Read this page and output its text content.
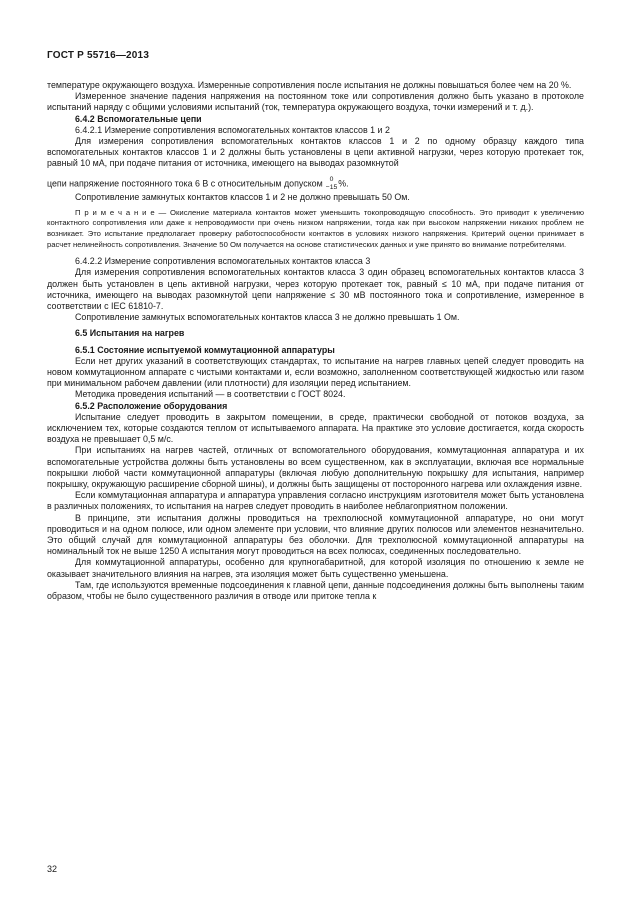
ГОСТ Р 55716—2013

температуре окружающего воздуха. Измеренные сопротивления после испытания не должны повышаться более чем на 20 %.

Измеренное значение падения напряжения на постоянном токе или сопротивления должно быть указано в протоколе испытаний наряду с общими условиями испытаний (ток, температура окружающего воздуха, точки измерений и т. д.).

6.4.2 Вспомогательные цепи

6.4.2.1 Измерение сопротивления вспомогательных контактов классов 1 и 2

Для измерения сопротивления вспомогательных контактов классов 1 и 2 по одному образцу каждого типа вспомогательных контактов классов 1 и 2 должны быть установлены в цепи активной нагрузки, через которую протекает ток, равный 10 мА, при подаче питания от источника, имеющего на выводах разомкнутой

цепи напряжение постоянного тока 6 В с относительным допуском	0
−15 %.

Сопротивление замкнутых контактов классов 1 и 2 не должно превышать 50 Ом.

П р и м е ч а н и е — Окисление материала контактов может уменьшить токопроводящую способность. Это приводит к увеличению контактного сопротивления или даже к непроводимости при очень низком напряжении, тогда как при высоком напряжении никаких проблем не возникает. Это испытание предполагает проверку работоспособности контактов в условиях низкого напряжения. Критерий оценки принимает в расчет нелинейность сопротивления. Значение 50 Ом получается на основе статистических данных и уже принято во внимание потребителями.

6.4.2.2 Измерение сопротивления вспомогательных контактов класса 3

Для измерения сопротивления вспомогательных контактов класса 3 один образец вспомогательных контактов класса 3 должен быть установлен в цепь активной нагрузки, через которую протекает ток, равный ≤ 10 мА, при подаче питания от источника, имеющего на выводах разомкнутой цепи напряжение ≤ 30 мВ постоянного тока и сопротивление, измеренное в соответствии с IEC 61810-7.

Сопротивление замкнутых вспомогательных контактов класса 3 не должно превышать 1 Ом.

6.5 Испытания на нагрев

6.5.1 Состояние испытуемой коммутационной аппаратуры

Если нет других указаний в соответствующих стандартах, то испытание на нагрев главных цепей следует проводить на новом коммутационном аппарате с чистыми контактами и, если возможно, заполненном соответствующей жидкостью или газом при минимальном рабочем давлении (или плотности) для изоляции перед испытанием.

Методика проведения испытаний — в соответствии с ГОСТ 8024.

6.5.2 Расположение оборудования

Испытание следует проводить в закрытом помещении, в среде, практически свободной от потоков воздуха, за исключением тех, которые создаются теплом от испытываемого аппарата. На практике это условие достигается, когда скорость воздуха не превышает 0,5 м/с.

При испытаниях на нагрев частей, отличных от вспомогательного оборудования, коммутационная аппаратура и их вспомогательные устройства должны быть установлены во всем существенном, как в эксплуатации, включая все нормальные покрышки любой части коммутационной аппаратуры (включая любую дополнительную покрышку для испытания, например покрышку, окружающую расширение сборной шины), и должны быть защищены от посторонного нагрева или охлаждения извне.

Если коммутационная аппаратура и аппаратура управления согласно инструкциям изготовителя может быть установлена в различных положениях, то испытания на нагрев следует проводить в наиболее неблагоприятном положении.

В принципе, эти испытания должны проводиться на трехполюсной коммутационной аппаратуре, но они могут проводиться и на одном полюсе, или одном элементе при условии, что влияние других полюсов или элементов незначительно. Это общий случай для коммутационной аппаратуры без оболочки. Для трехполюсной коммутационной аппаратуры на номинальный ток не выше 1250 А испытания могут проводиться на всех полюсах, соединенных последовательно.

Для коммутационной аппаратуры, особенно для крупногабаритной, для которой изоляция по отношению к земле не оказывает значительного влияния на нагрев, эта изоляция может быть существенно уменьшена.

Там, где используются временные подсоединения к главной цепи, данные подсоединения должны быть выполнены таким образом, чтобы не было существенного различия в отводе или притоке тепла к

32
